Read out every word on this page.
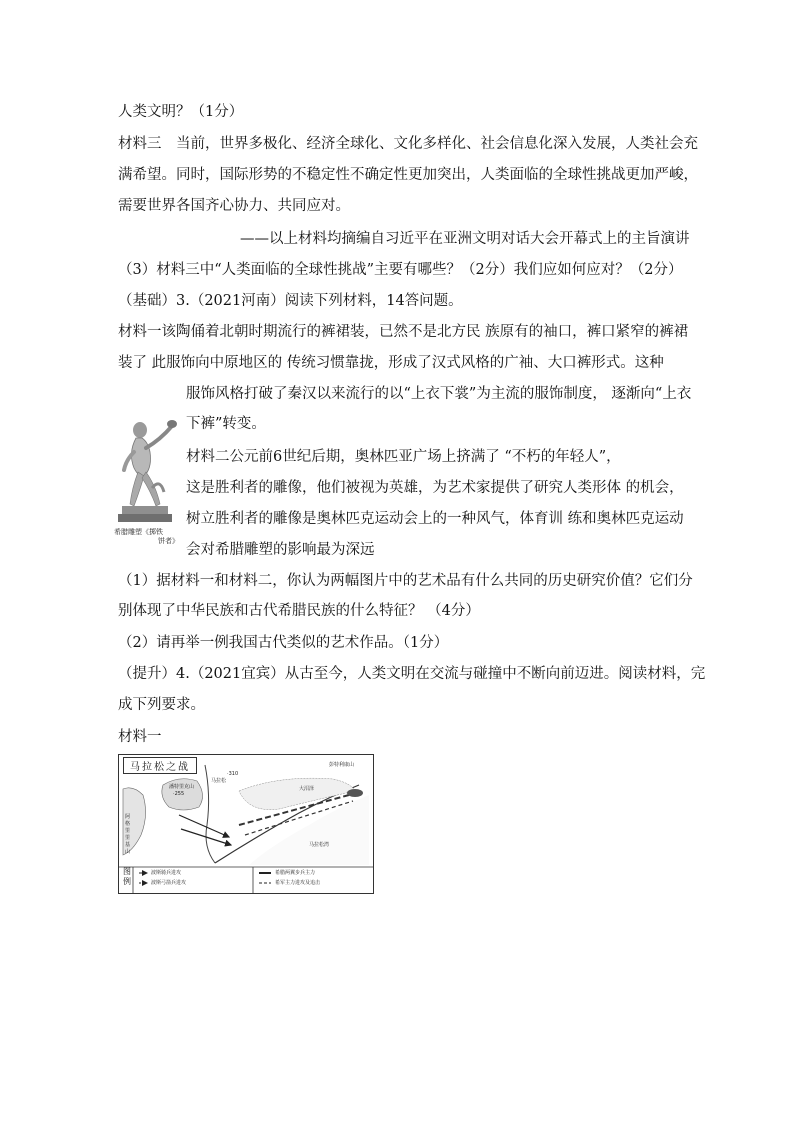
人类文明？（1分）
材料三　当前，世界多极化、经济全球化、文化多样化、社会信息化深入发展，人类社会充
满希望。同时，国际形势的不稳定性不确定性更加突出，人类面临的全球性挑战更加严峻，
需要世界各国齐心协力、共同应对。
——以上材料均摘编自习近平在亚洲文明对话大会开幕式上的主旨演讲
（3）材料三中“人类面临的全球性挑战”主要有哪些？（2分）我们应如何应对？（2分）
（基础）3.（2021河南）阅读下列材料，14答问题。
材料一该陶俑着北朝时期流行的裤裙装，已然不是北方民 族原有的袖口，裤口紧窄的裤裙
装了 此服饰向中原地区的 传统习惯靠拢，形成了汉式风格的广袖、大口裤形式。这种
服饰风格打破了秦汉以来流行的以“上衣下裳”为主流的服饰制度， 逐渐向“上衣
下裤”转变。
材料二公元前6世纪后期，奥林匹亚广场上挤满了 “不朽的年轻人”，
这是胜利者的雕像，他们被视为英雄，为艺术家提供了研究人类形体 的机会，
树立胜利者的雕像是奥林匹克运动会上的一种风气，体育训 练和奥林匹克运动
会对希腊雕塑的影响最为深远
（1）据材料一和材料二，你认为两幅图片中的艺术品有什么共同的历史研究价值？它们分
别体现了中华民族和古代希腊民族的什么特征？ （4分）
（2）请再举一例我国古代类似的艺术作品。（1分）
（提升）4.（2021宜宾）从古至今，人类文明在交流与碰撞中不断向前迈进。阅读材料，完
成下列要求。
材料一
希腊雕塑《掷铁
饼者》
马拉松之战
图例
波斯骑兵进攻
波斯弓箭兵进攻
希腊两翼步兵主力
希军主力进攻及追击
马拉松
潘特里克山
·255
·310
阿格里里基山
大沼泽
马拉松湾
彭特利康山
